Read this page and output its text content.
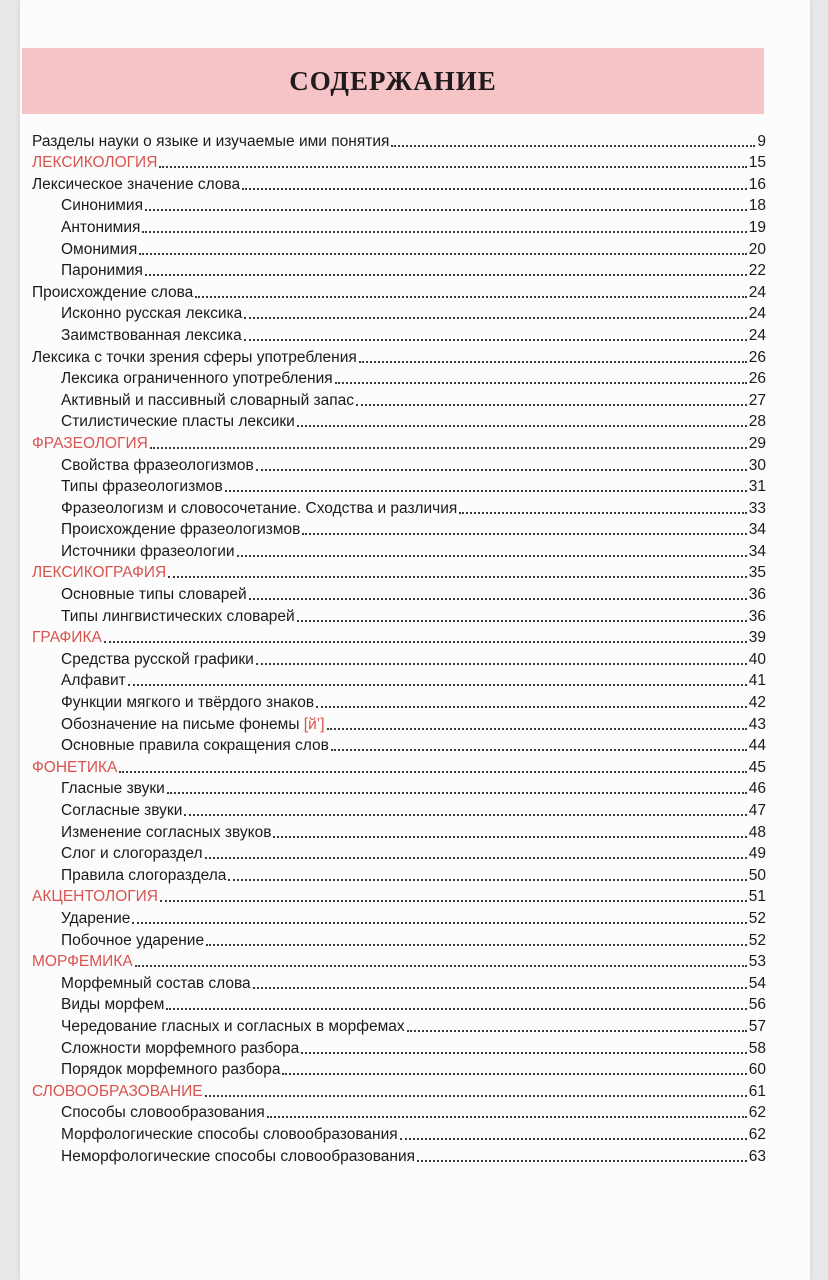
СОДЕРЖАНИЕ
Разделы науки о языке и изучаемые ими понятия	9
ЛЕКСИКОЛОГИЯ	15
Лексическое значение слова	16
Синонимия	18
Антонимия	19
Омонимия	20
Паронимия	22
Происхождение слова	24
Исконно русская лексика	24
Заимствованная лексика	24
Лексика с точки зрения сферы употребления	26
Лексика ограниченного употребления	26
Активный и пассивный словарный запас	27
Стилистические пласты лексики	28
ФРАЗЕОЛОГИЯ	29
Свойства фразеологизмов	30
Типы фразеологизмов	31
Фразеологизм и словосочетание. Сходства и различия	33
Происхождение фразеологизмов	34
Источники фразеологии	34
ЛЕКСИКОГРАФИЯ	35
Основные типы словарей	36
Типы лингвистических словарей	36
ГРАФИКА	39
Средства русской графики	40
Алфавит	41
Функции мягкого и твёрдого знаков	42
Обозначение на письме фонемы [й’]	43
Основные правила сокращения слов	44
ФОНЕТИКА	45
Гласные звуки	46
Согласные звуки	47
Изменение согласных звуков	48
Слог и слогораздел	49
Правила слогораздела	50
АКЦЕНТОЛОГИЯ	51
Ударение	52
Побочное ударение	52
МОРФЕМИКА	53
Морфемный состав слова	54
Виды морфем	56
Чередование гласных и согласных в морфемах	57
Сложности морфемного разбора	58
Порядок морфемного разбора	60
СЛОВООБРАЗОВАНИЕ	61
Способы словообразования	62
Морфологические способы словообразования	62
Неморфологические способы словообразования	63
